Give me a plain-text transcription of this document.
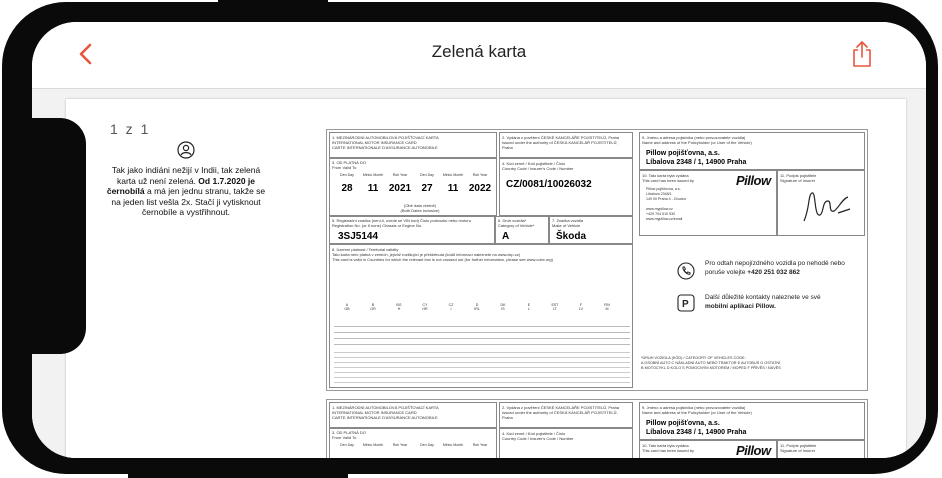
Zelená karta
1 z 1
Tak jako indiáni nežijí v Indii, tak zelená karta už není zelená. Od 1.7.2020 je černobílá a má jen jednu stranu, takže se na jeden list vešla 2x. Stačí ji vytisknout černobíle a vystřihnout.
1. MEZINÁRODNÍ AUTOMOBILOVÁ POJIŠŤOVACÍ KARTA
INTERNATIONAL MOTOR INSURANCE CARD
CARTE INTERNATIONALE D'ASSURANCE AUTOMOBILE
2. Vydána z pověření ČESKÉ KANCELÁŘE POJISTITELŮ, Praha
Issued under the authority of ČESKÁ KANCELÁŘ POJISTITELŮ,
Praha
3. OD PLATNÁ DO
From Valid To
Den Day	Měsíc Month	Rok Year	Den Day	Měsíc Month	Rok Year
28	11	2021	27	11	2022
(Obě data včetně)
(Both Dates inclusive)
4. Kód země / Kód pojistitele / Číslo
Country Code / Insurer's Code / Number
CZ/0081/10026032
5. Registrační značka (není-li, uvede se VIN kód) Číslo podvozku nebo motoru
Registration No. (or if none) Chassis or Engine No.
3SJ5144
6. Druh vozidla*
Category of Vehicle*
A
7. Značka vozidla
Make of Vehicle
Škoda
8. Územní platnost / Territorial validity
Tato karta není platná v zemích, jejichž rozlišující je přeškrtnuta (kódů informací naleznete na www.ckp.cz)
This card is valid in Countries for which the relevant box is not crossed out (for further information, please see www.cobx.org)
A	B	BG	CY	CZ	D	DK	E	EST	F	FIN
GB	GR	H	HR	I	IRL	IS	L	LT	LV	M
9. Jméno a adresa pojistníka (nebo provozovatele vozidla)
Name and address of the Policyholder (or User of the Vehicle)
Pillow pojišťovna, a.s.
Líbalova 2348 / 1, 14900 Praha
10. Tato karta byla vydána
This card has been issued by	Pillow
Pillow pojišťovna, a.s.
Líbalova 2348/1
149 00 Praha 4 - Chodov

www.mypillow.cz
+420 704 510 530
www.mypillow.cz/email
11. Podpis pojistitele
Signature of Insurer
Pro odtah nepojízdného vozidla po nehodě nebo poruše volejte +420 251 032 862
P
Další důležité kontakty naleznete ve své mobilní aplikaci Pillow.
*DRUH VOZIDLA (KÓD) / CATEGORY OF VEHICLES CODE:
A OSOBNÍ AUTO C NÁKLADNÍ AUTO NEBO TRAKTOR E AUTOBUS G OSTATNÍ
B MOTOCYKL D KOLO S POMOCNÝM MOTOREM / MOPED F PŘÍVĚS / NÁVĚS
1. MEZINÁRODNÍ AUTOMOBILOVÁ POJIŠŤOVACÍ KARTA
INTERNATIONAL MOTOR INSURANCE CARD
CARTE INTERNATIONALE D'ASSURANCE AUTOMOBILE
2. Vydána z pověření ČESKÉ KANCELÁŘE POJISTITELŮ, Praha
Issued under the authority of ČESKÁ KANCELÁŘ POJISTITELŮ,
Praha
3. OD PLATNÁ DO
From Valid To
Den Day	Měsíc Month	Rok Year	Den Day	Měsíc Month	Rok Year
4. Kód země / Kód pojistitele / Číslo
Country Code / Insurer's Code / Number
9. Jméno a adresa pojistníka (nebo provozovatele vozidla)
Name and address of the Policyholder (or User of the Vehicle)
Pillow pojišťovna, a.s.
Líbalova 2348 / 1, 14900 Praha
10. Tato karta byla vydána
This card has been issued by	Pillow 11. Podpis pojistitele
Signature of Insurer
